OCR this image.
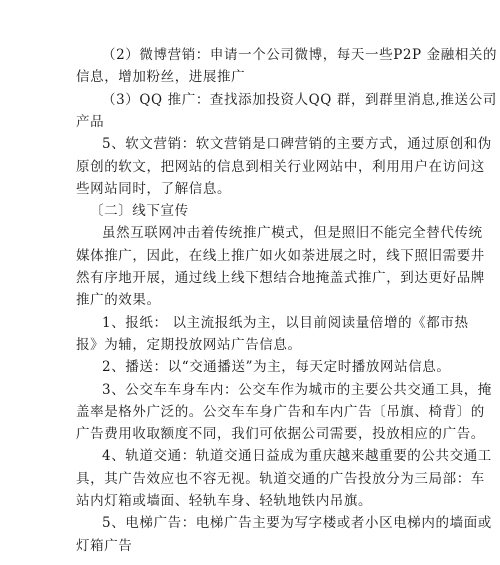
（2）微博营销：申请一个公司微博，每天一些P2P 金融相关的
信息，增加粉丝，进展推广
（3）QQ 推广：查找添加投资人QQ 群，到群里消息,推送公司
产品
5、软文营销：软文营销是口碑营销的主要方式，通过原创和伪
原创的软文，把网站的信息到相关行业网站中，利用用户在访问这
些网站同时，了解信息。
〔二〕线下宣传
虽然互联网冲击着传统推广模式，但是照旧不能完全替代传统
媒体推广，因此，在线上推广如火如荼进展之时，线下照旧需要井
然有序地开展，通过线上线下想结合地掩盖式推广，到达更好品牌
推广的效果。
1、报纸： 以主流报纸为主，以目前阅读量倍增的《都市热
报》为辅，定期投放网站广告信息。
2、播送：以“交通播送”为主，每天定时播放网站信息。
3、公交车车身车内：公交车作为城市的主要公共交通工具，掩
盖率是格外广泛的。公交车车身广告和车内广告〔吊旗、椅背〕的
广告费用收取额度不同，我们可依据公司需要，投放相应的广告。
4、轨道交通：轨道交通日益成为重庆越来越重要的公共交通工
具，其广告效应也不容无视。轨道交通的广告投放分为三局部：车
站内灯箱或墙面、轻轨车身、轻轨地铁内吊旗。
5、电梯广告：电梯广告主要为写字楼或者小区电梯内的墙面或
灯箱广告
